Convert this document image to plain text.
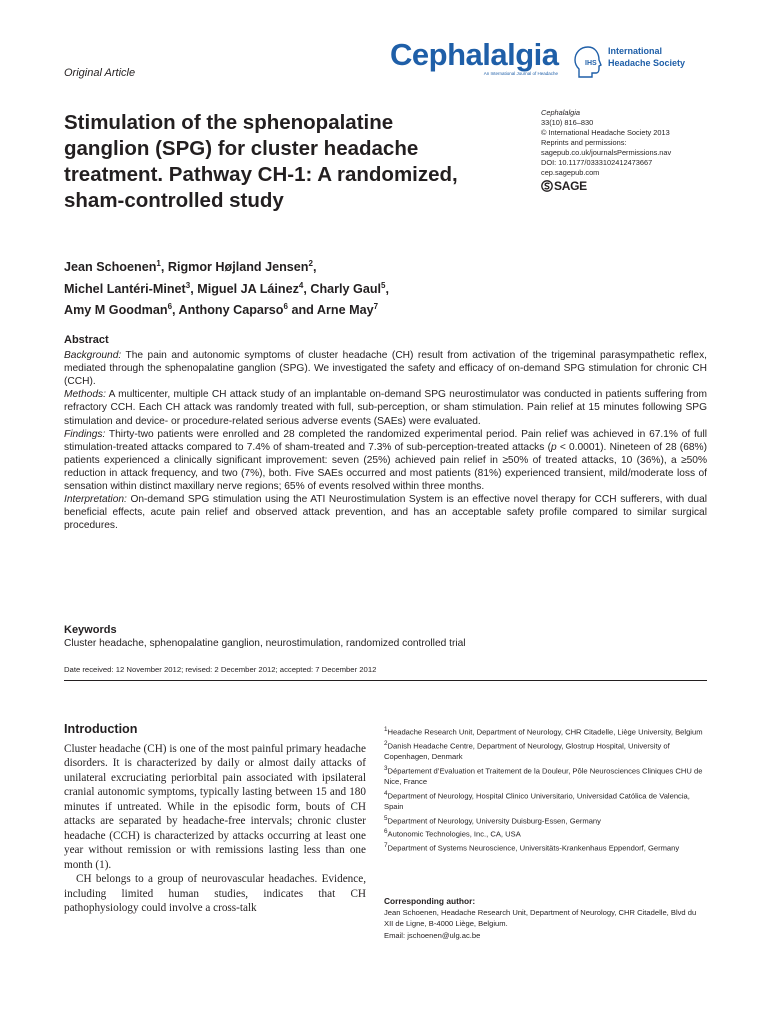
Original Article
Cephalalgia
An International Journal of Headache
IHS
International
Headache Society
Cephalalgia
33(10) 816–830
© International Headache Society 2013
Reprints and permissions:
sagepub.co.uk/journalsPermissions.nav
DOI: 10.1177/0333102412473667
cep.sagepub.com
SAGE
Stimulation of the sphenopalatine ganglion (SPG) for cluster headache treatment. Pathway CH-1: A randomized, sham-controlled study
Jean Schoenen$^1$, Rigmor Højland Jensen$^2$,
Michel Lantéri-Minet$^3$, Miguel JA Láinez$^4$, Charly Gaul$^5$,
Amy M Goodman$^6$, Anthony Caparso$^6$ and Arne May$^7$
Abstract

Background: The pain and autonomic symptoms of cluster headache (CH) result from activation of the trigeminal parasympathetic reflex, mediated through the sphenopalatine ganglion (SPG). We investigated the safety and efficacy of on-demand SPG stimulation for chronic CH (CCH).

Methods: A multicenter, multiple CH attack study of an implantable on-demand SPG neurostimulator was conducted in patients suffering from refractory CCH. Each CH attack was randomly treated with full, sub-perception, or sham stimulation. Pain relief at 15 minutes following SPG stimulation and device- or procedure-related serious adverse events (SAEs) were evaluated.

Findings: Thirty-two patients were enrolled and 28 completed the randomized experimental period. Pain relief was achieved in 67.1% of full stimulation-treated attacks compared to 7.4% of sham-treated and 7.3% of sub-perception-treated attacks (p < 0.0001). Nineteen of 28 (68%) patients experienced a clinically significant improvement: seven (25%) achieved pain relief in ≥50% of treated attacks, 10 (36%), a ≥50% reduction in attack frequency, and two (7%), both. Five SAEs occurred and most patients (81%) experienced transient, mild/moderate loss of sensation within distinct maxillary nerve regions; 65% of events resolved within three months.

Interpretation: On-demand SPG stimulation using the ATI Neurostimulation System is an effective novel therapy for CCH sufferers, with dual beneficial effects, acute pain relief and observed attack prevention, and has an acceptable safety profile compared to similar surgical procedures.

Keywords
Cluster headache, sphenopalatine ganglion, neurostimulation, randomized controlled trial
Date received: 12 November 2012; revised: 2 December 2012; accepted: 7 December 2012
Introduction

Cluster headache (CH) is one of the most painful primary headache disorders. It is characterized by daily or almost daily attacks of unilateral excruciating periorbital pain associated with ipsilateral cranial autonomic symptoms, typically lasting between 15 and 180 minutes if untreated. While in the episodic form, bouts of CH attacks are separated by headache-free intervals; chronic cluster headache (CCH) is characterized by attacks occurring at least one year without remission or with remissions lasting less than one month (1).

CH belongs to a group of neurovascular headaches. Evidence, including limited human studies, indicates that CH pathophysiology could involve a cross-talk

$^1$Headache Research Unit, Department of Neurology, CHR Citadelle, Liège University, Belgium
$^2$Danish Headache Centre, Department of Neurology, Glostrup Hospital, University of Copenhagen, Denmark
$^3$Département d’Evaluation et Traitement de la Douleur, Pôle Neurosciences Cliniques CHU de Nice, France
$^4$Department of Neurology, Hospital Clinico Universitario, Universidad Católica de Valencia, Spain
$^5$Department of Neurology, University Duisburg-Essen, Germany
$^6$Autonomic Technologies, Inc., CA, USA
$^7$Department of Systems Neuroscience, Universitäts-Krankenhaus Eppendorf, Germany
Corresponding author:
Jean Schoenen, Headache Research Unit, Department of Neurology, CHR Citadelle, Blvd du XII de Ligne, B-4000 Liège, Belgium.
Email: jschoenen@ulg.ac.be
